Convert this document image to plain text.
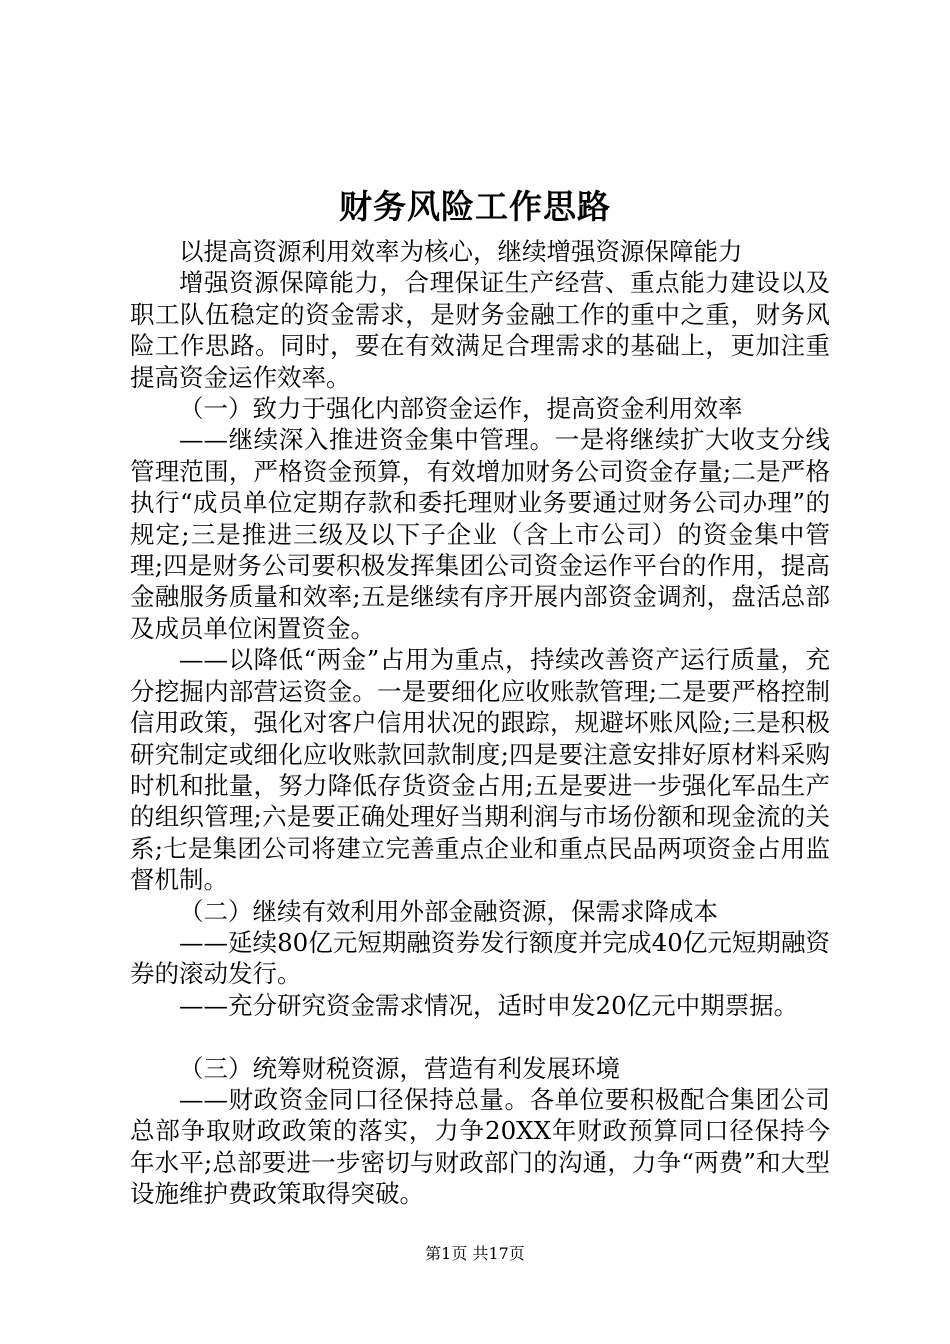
财务风险工作思路

以提高资源利用效率为核心，继续增强资源保障能力

增强资源保障能力，合理保证生产经营、重点能力建设以及职工队伍稳定的资金需求，是财务金融工作的重中之重，财务风险工作思路。同时，要在有效满足合理需求的基础上，更加注重提高资金运作效率。

（一）致力于强化内部资金运作，提高资金利用效率

——继续深入推进资金集中管理。一是将继续扩大收支分线管理范围，严格资金预算，有效增加财务公司资金存量;二是严格执行“成员单位定期存款和委托理财业务要通过财务公司办理”的规定;三是推进三级及以下子企业（含上市公司）的资金集中管理;四是财务公司要积极发挥集团公司资金运作平台的作用，提高金融服务质量和效率;五是继续有序开展内部资金调剂，盘活总部及成员单位闲置资金。

——以降低“两金”占用为重点，持续改善资产运行质量，充分挖掘内部营运资金。一是要细化应收账款管理;二是要严格控制信用政策，强化对客户信用状况的跟踪，规避坏账风险;三是积极研究制定或细化应收账款回款制度;四是要注意安排好原材料采购时机和批量，努力降低存货资金占用;五是要进一步强化军品生产的组织管理;六是要正确处理好当期利润与市场份额和现金流的关系;七是集团公司将建立完善重点企业和重点民品两项资金占用监督机制。

（二）继续有效利用外部金融资源，保需求降成本

——延续80亿元短期融资券发行额度并完成40亿元短期融资券的滚动发行。

——充分研究资金需求情况，适时申发20亿元中期票据。

（三）统筹财税资源，营造有利发展环境

——财政资金同口径保持总量。各单位要积极配合集团公司总部争取财政政策的落实，力争20XX年财政预算同口径保持今年水平;总部要进一步密切与财政部门的沟通，力争“两费”和大型设施维护费政策取得突破。

第1页 共17页
